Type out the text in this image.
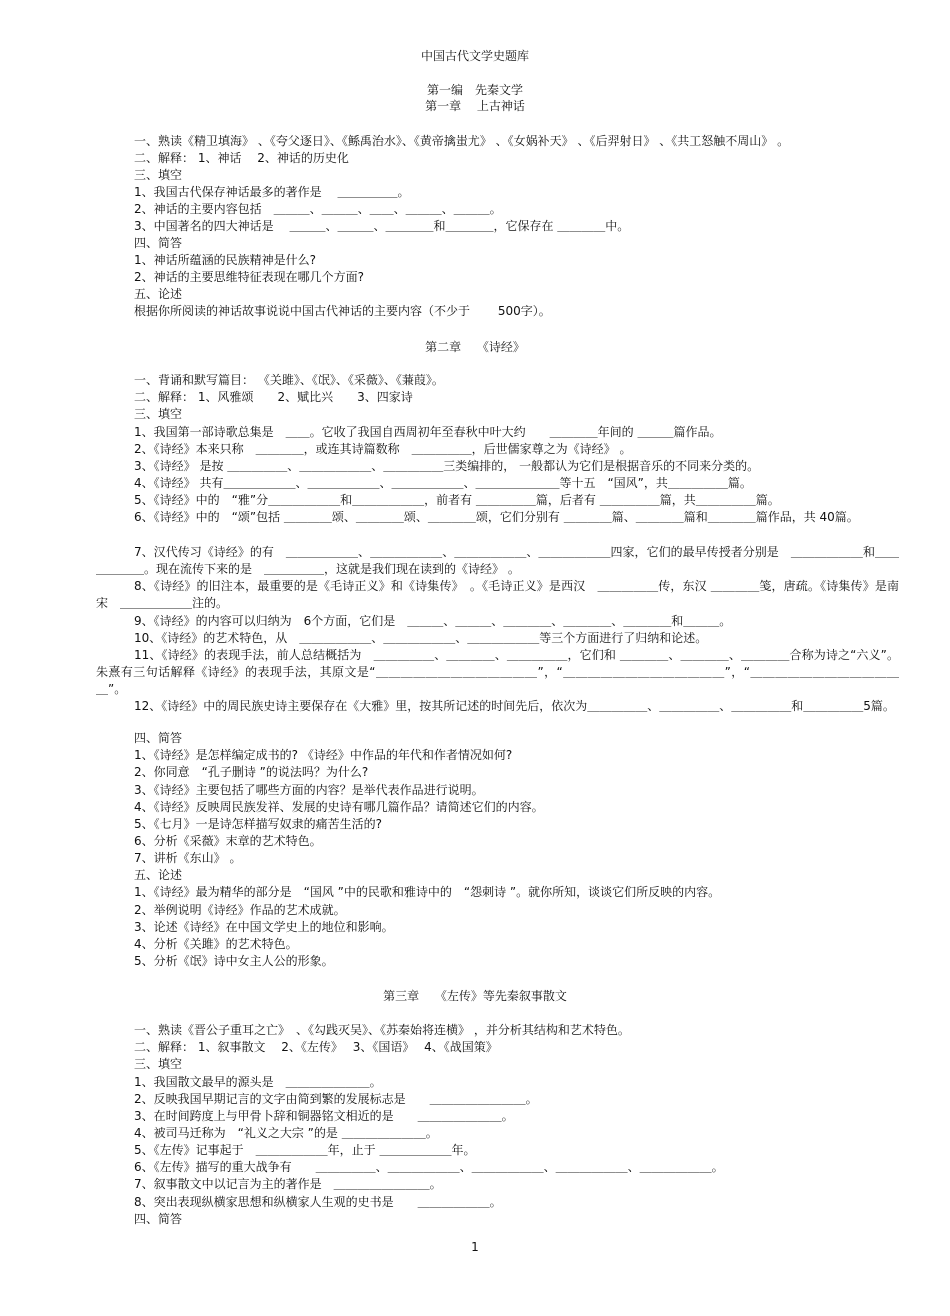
中国古代文学史题库
第一编　先秦文学
第一章　 上古神话
一、熟读《精卫填海》 、《夸父逐日》、《鲧禹治水》、《黄帝擒蚩尤》 、《女娲补天》 、《后羿射日》 、《共工怒触不周山》 。
二、解释： 1、神话　 2、神话的历史化
三、填空
1、我国古代保存神话最多的著作是　 ＿＿＿＿＿。
2、神话的主要内容包括　＿＿＿、＿＿＿、＿＿、＿＿＿、＿＿＿。
3、中国著名的四大神话是　 ＿＿＿、＿＿＿、＿＿＿＿和＿＿＿＿，它保存在 ＿＿＿＿中。
四、简答
1、神话所蕴涵的民族精神是什么?
2、神话的主要思维特征表现在哪几个方面?
五、论述
根据你所阅读的神话故事说说中国古代神话的主要内容（不少于　　 500字）。
第二章　 《诗经》
一、背诵和默写篇目： 《关雎》、《氓》、《采薇》、《蒹葭》。
二、解释： 1、风雅颂　　2、赋比兴　　3、四家诗
三、填空
1、我国第一部诗歌总集是　＿＿。它收了我国自西周初年至春秋中叶大约　　＿＿＿＿年间的 ＿＿＿篇作品。
2、《诗经》本来只称　＿＿＿＿，或连其诗篇数称　＿＿＿＿＿，后世儒家尊之为《诗经》 。
3、《诗经》 是按 ＿＿＿＿＿、＿＿＿＿＿＿、＿＿＿＿＿三类编排的， 一般都认为它们是根据音乐的不同来分类的。
4、《诗经》 共有＿＿＿＿＿＿、＿＿＿＿＿＿、＿＿＿＿＿＿、＿＿＿＿＿＿＿等十五　“国风”，共＿＿＿＿＿篇。
5、《诗经》中的　“雅”分＿＿＿＿＿＿和＿＿＿＿＿＿，前者有 ＿＿＿＿＿篇，后者有 ＿＿＿＿＿篇，共＿＿＿＿＿篇。
6、《诗经》中的　“颂”包括 ＿＿＿＿颂、＿＿＿＿颂、＿＿＿＿颂，它们分别有 ＿＿＿＿篇、＿＿＿＿篇和＿＿＿＿篇作品，共 40篇。
7、汉代传习《诗经》的有　＿＿＿＿＿＿、＿＿＿＿＿＿、＿＿＿＿＿＿、＿＿＿＿＿＿四家，它们的最早传授者分别是　＿＿＿＿＿＿和＿＿＿＿＿＿。现在流传下来的是　＿＿＿＿＿，这就是我们现在读到的《诗经》 。
8、《诗经》的旧注本，最重要的是《毛诗正义》和《诗集传》　。《毛诗正义》是西汉　＿＿＿＿＿传，东汉 ＿＿＿＿笺，唐疏。《诗集传》是南宋　＿＿＿＿＿＿注的。
9、《诗经》的内容可以归纳为　6个方面，它们是　＿＿＿、＿＿＿、＿＿＿＿、＿＿＿＿、＿＿＿＿和＿＿＿。
10、《诗经》的艺术特色，从　＿＿＿＿＿＿、＿＿＿＿＿＿、＿＿＿＿＿＿等三个方面进行了归纳和论述。
11、《诗经》的表现手法，前人总结概括为　＿＿＿＿＿、＿＿＿＿、＿＿＿＿＿，它们和 ＿＿＿＿、＿＿＿＿、＿＿＿＿合称为诗之“六义”。朱熹有三句话解释《诗经》的表现手法，其原文是“＿＿＿＿＿＿＿＿＿＿＿＿＿”，“＿＿＿＿＿＿＿＿＿＿＿＿＿”，“＿＿＿＿＿＿＿＿＿＿＿＿＿”。
12、《诗经》中的周民族史诗主要保存在《大雅》里，按其所记述的时间先后，依次为＿＿＿＿＿、＿＿＿＿＿、＿＿＿＿＿和＿＿＿＿＿5篇。
四、简答
1、《诗经》是怎样编定成书的? 《诗经》中作品的年代和作者情况如何?
2、你同意　“孔子删诗 ”的说法吗？为什么?
3、《诗经》主要包括了哪些方面的内容？是举代表作品进行说明。
4、《诗经》反映周民族发祥、发展的史诗有哪几篇作品？请简述它们的内容。
5、《七月》一是诗怎样描写奴隶的痛苦生活的?
6、分析《采薇》末章的艺术特色。
7、讲析《东山》 。
五、论述
1、《诗经》最为精华的部分是　“国风 ”中的民歌和雅诗中的　“怨刺诗 ”。就你所知，谈谈它们所反映的内容。
2、举例说明《诗经》作品的艺术成就。
3、论述《诗经》在中国文学史上的地位和影响。
4、分析《关雎》的艺术特色。
5、分析《氓》诗中女主人公的形象。
第三章　 《左传》等先秦叙事散文
一、熟读《晋公子重耳之亡》　、《勾践灭吴》、《苏秦始将连横》 ，并分析其结构和艺术特色。
二、解释： 1、叙事散文　 2、《左传》　 3、《国语》　 4、《战国策》
三、填空
1、我国散文最早的源头是　＿＿＿＿＿＿＿。
2、反映我国早期记言的文字由简到繁的发展标志是　　＿＿＿＿＿＿＿＿。
3、在时间跨度上与甲骨卜辞和铜器铭文相近的是　　＿＿＿＿＿＿＿。
4、被司马迁称为　“礼义之大宗 ”的是 ＿＿＿＿＿＿＿。
5、《左传》记事起于　＿＿＿＿＿＿年，止于 ＿＿＿＿＿＿年。
6、《左传》描写的重大战争有　　＿＿＿＿＿、＿＿＿＿＿＿、＿＿＿＿＿＿、＿＿＿＿＿＿、＿＿＿＿＿＿。
7、叙事散文中以记言为主的著作是　＿＿＿＿＿＿＿＿。
8、突出表现纵横家思想和纵横家人生观的史书是　　＿＿＿＿＿＿。
四、简答
1
